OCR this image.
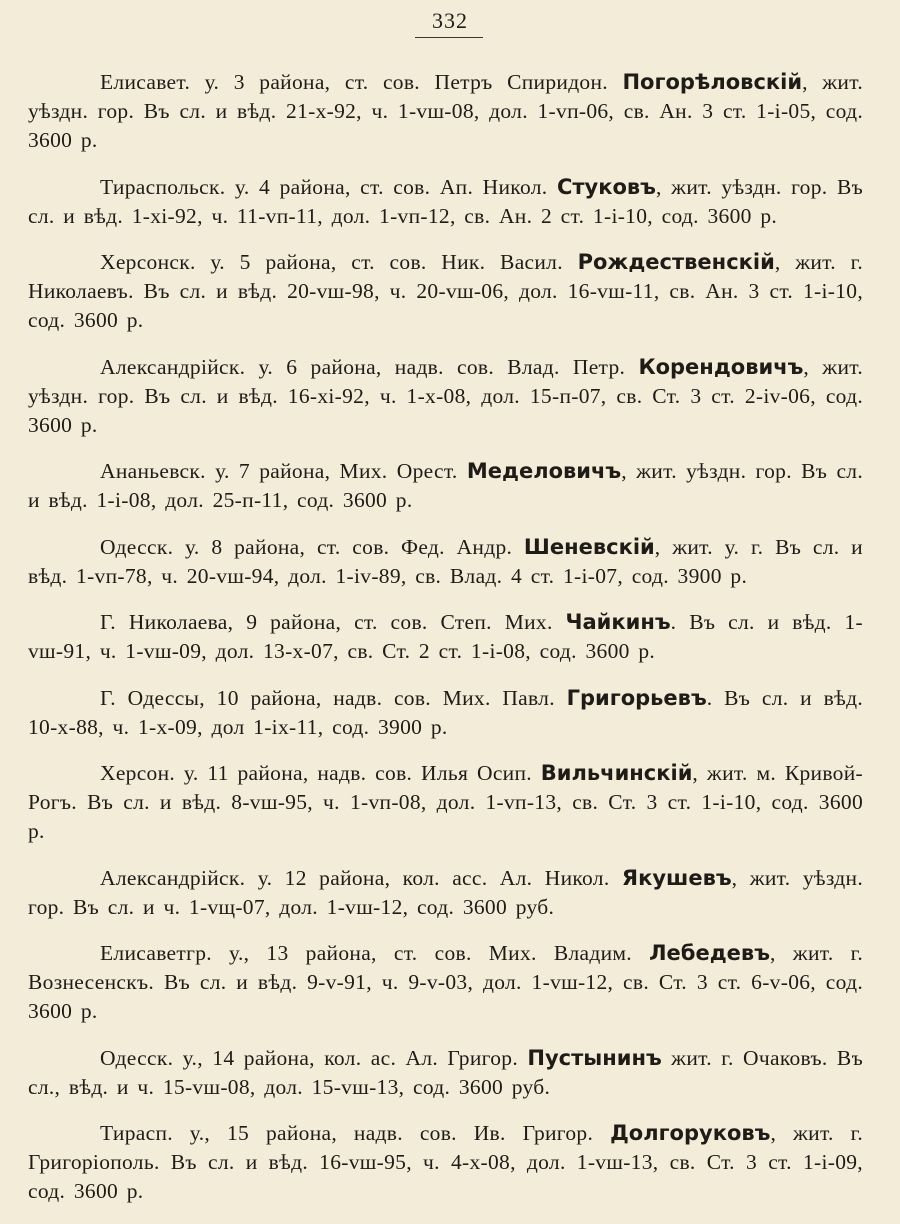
332

Елисавет. у. 3 района, ст. сов. Петръ Спиридон. Погорѣловскій, жит. уѣздн. гор. Въ сл. и вѣд. 21-х-92, ч. 1-vш-08, дол. 1-vп-06, св. Ан. 3 ст. 1-і-05, сод. 3600 р.

Тираспольск. у. 4 района, ст. сов. Ап. Никол. Стуковъ, жит. уѣздн. гор. Въ сл. и вѣд. 1-хі-92, ч. 11-vп-11, дол. 1-vп-12, св. Ан. 2 ст. 1-і-10, сод. 3600 р.

Херсонск. у. 5 района, ст. сов. Ник. Васил. Рождественскій, жит. г. Николаевъ. Въ сл. и вѣд. 20-vш-98, ч. 20-vш-06, дол. 16-vш-11, св. Ан. 3 ст. 1-і-10, сод. 3600 р.

Александрійск. у. 6 района, надв. сов. Влад. Петр. Корендовичъ, жит. уѣздн. гор. Въ сл. и вѣд. 16-хі-92, ч. 1-х-08, дол. 15-п-07, св. Ст. 3 ст. 2-іv-06, сод. 3600 р.

Ананьевск. у. 7 района, Мих. Орест. Меделовичъ, жит. уѣздн. гор. Въ сл. и вѣд. 1-і-08, дол. 25-п-11, сод. 3600 р.

Одесск. у. 8 района, ст. сов. Фед. Андр. Шеневскій, жит. у. г. Въ сл. и вѣд. 1-vп-78, ч. 20-vш-94, дол. 1-іv-89, св. Влад. 4 ст. 1-і-07, сод. 3900 р.

Г. Николаева, 9 района, ст. сов. Степ. Мих. Чайкинъ. Въ сл. и вѣд. 1-vш-91, ч. 1-vш-09, дол. 13-х-07, св. Ст. 2 ст. 1-і-08, сод. 3600 р.

Г. Одессы, 10 района, надв. сов. Мих. Павл. Григорьевъ. Въ сл. и вѣд. 10-х-88, ч. 1-х-09, дол 1-іх-11, сод. 3900 р.

Херсон. у. 11 района, надв. сов. Илья Осип. Вильчинскій, жит. м. Кривой-Рогъ. Въ сл. и вѣд. 8-vш-95, ч. 1-vп-08, дол. 1-vп-13, св. Ст. 3 ст. 1-і-10, сод. 3600 р.

Александрійск. у. 12 района, кол. асс. Ал. Никол. Якушевъ, жит. уѣздн. гор. Въ сл. и ч. 1-vщ-07, дол. 1-vш-12, сод. 3600 руб.

Елисаветгр. у., 13 района, ст. сов. Мих. Владим. Лебедевъ, жит. г. Вознесенскъ. Въ сл. и вѣд. 9-v-91, ч. 9-v-03, дол. 1-vш-12, св. Ст. 3 ст. 6-v-06, сод. 3600 р.

Одесск. у., 14 района, кол. ас. Ал. Григор. Пустынинъ жит. г. Очаковъ. Въ сл., вѣд. и ч. 15-vш-08, дол. 15-vш-13, сод. 3600 руб.

Тирасп. у., 15 района, надв. сов. Ив. Григор. Долгоруковъ, жит. г. Григоріополь. Въ сл. и вѣд. 16-vш-95, ч. 4-х-08, дол. 1-vш-13, св. Ст. 3 ст. 1-і-09, сод. 3600 р.
